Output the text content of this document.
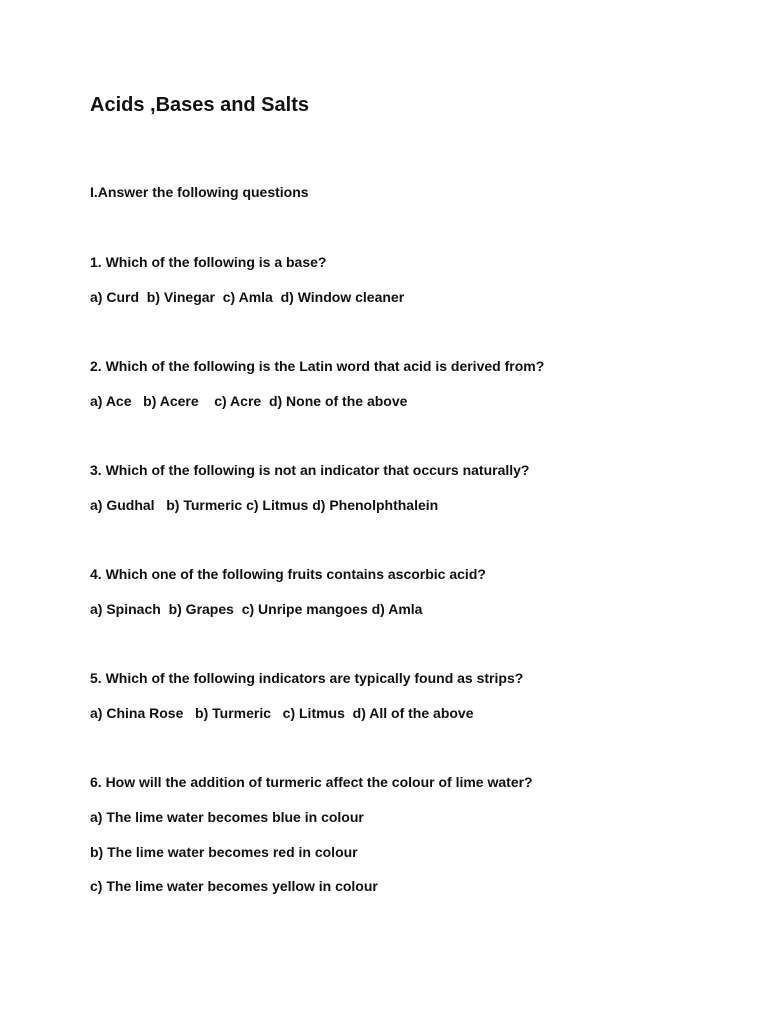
Acids ,Bases and Salts

I.Answer the following questions

1. Which of the following is a base?

a) Curd  b) Vinegar  c) Amla  d) Window cleaner

2. Which of the following is the Latin word that acid is derived from?

a) Ace   b) Acere    c) Acre  d) None of the above

3. Which of the following is not an indicator that occurs naturally?

a) Gudhal   b) Turmeric c) Litmus d) Phenolphthalein

4. Which one of the following fruits contains ascorbic acid?

a) Spinach  b) Grapes  c) Unripe mangoes d) Amla

5. Which of the following indicators are typically found as strips?

a) China Rose   b) Turmeric   c) Litmus  d) All of the above

6. How will the addition of turmeric affect the colour of lime water?

a) The lime water becomes blue in colour

b) The lime water becomes red in colour

c) The lime water becomes yellow in colour
